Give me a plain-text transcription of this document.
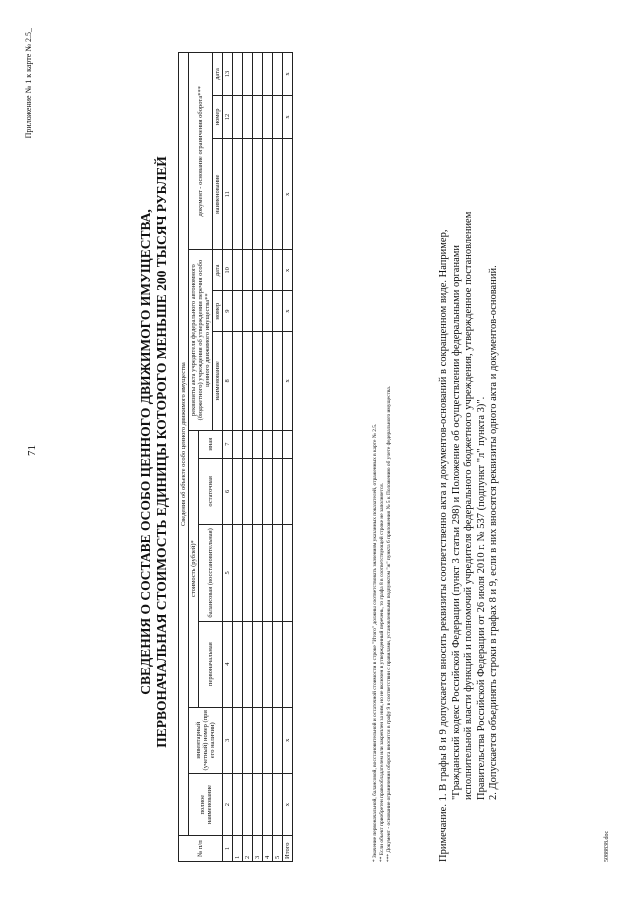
Приложение № 1 к карте № 2.5_
71	СВЕДЕНИЯ О СОСТАВЕ ОСОБО ЦЕННОГО ДВИЖИМОГО ИМУЩЕСТВА, ПЕРВОНАЧАЛЬНАЯ СТОИМОСТЬ ЕДИНИЦЫ КОТОРОГО МЕНЬШЕ 200 ТЫСЯЧ РУБЛЕЙ
№ п/п	Сведения об объекте особо ценного движимого имущества											
	полное наименование	инвентарный (учетный) номер (при его наличии)	стоимость (рублей)*				реквизиты акта учредителя федерального автономного (бюджетного) учреждения об утверждении перечня особо ценного движимого имущества**			документ - основание ограничения оборота***		
			первоначальная	балансовая (восстановительная)	остаточная	иная						
							наименование	номер	дата	наименование	номер	дата
1	2	3	4	5	6	7	8	9	10	11	12	13
1												
2												
3												
4												
5												
Итого	х	х					х	х	х	х	х	х
* Значение первоначальной, балансовой, восстановительной и остаточной стоимости в строке "Итого" должны соответствовать значениям указанных показателей, отраженных в карте № 2.5. ** Если объект приобретен правообладателем или закреплен за ним, но не включен в утвержденный перечень, то графа 8 в соответствующей строке не заполняется. *** Документ - основание ограничения оборота вносится в графу 9 в соответствии с правилами, установленными подпунктом "ж" пункта 6 приложения № 5 к Положению об учете федерального имущества.	Примечание. 1. В графы 8 и 9 допускается вносить реквизиты соответственно акта и документов-оснований в сокращенном виде. Например, "Гражданский кодекс Российской Федерации (пункт 3 статьи 298) и Положение об осуществлении федеральными органами исполнительной власти функций и полномочий учредителя федерального бюджетного учреждения, утвержденное постановлением Правительства Российской Федерации от 26 июля 2010 г. № 537 (подпункт "л" пункта 3)". 2. Допускается объединять строки в графах 8 и 9, если в них вносятся реквизиты одного акта и документов-оснований.
5088838.doc
